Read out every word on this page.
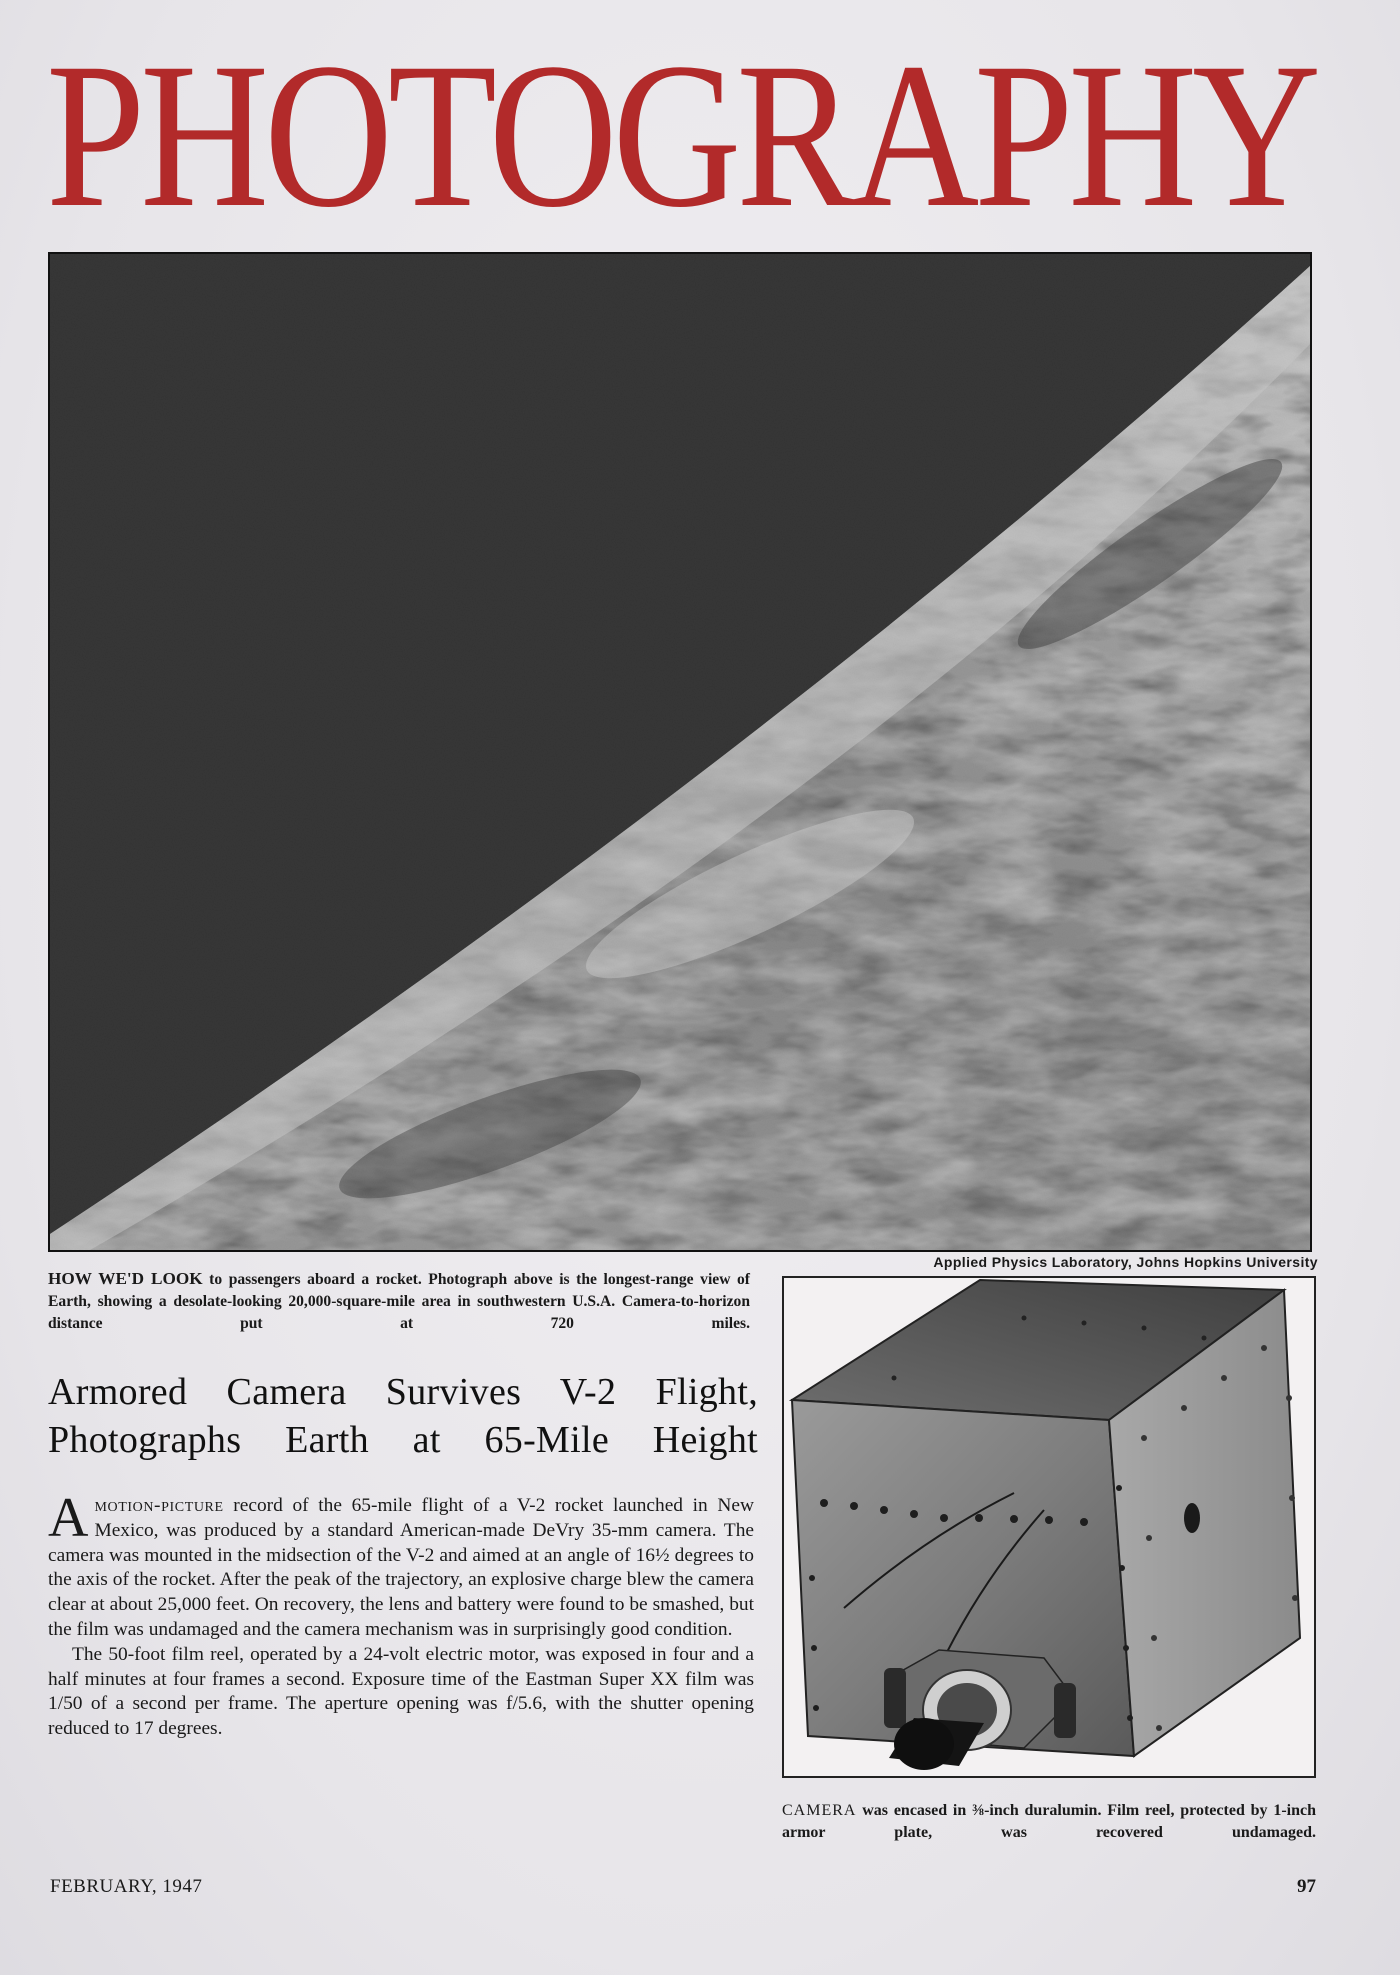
PHOTOGRAPHY
Applied Physics Laboratory, Johns Hopkins University
HOW WE'D LOOK to passengers aboard a rocket. Photograph above is the longest-range view of Earth, showing a desolate-looking 20,000-square-mile area in southwestern U.S.A. Camera-to-horizon distance put at 720 miles.
Armored Camera Survives V-2 Flight,
Photographs Earth at 65-Mile Height

Amotion-picture record of the 65-mile flight of a V-2 rocket launched in New Mexico, was produced by a standard American-made DeVry 35-mm camera. The camera was mounted in the midsection of the V-2 and aimed at an angle of 16½ degrees to the axis of the rocket. After the peak of the trajectory, an explosive charge blew the camera clear at about 25,000 feet. On recovery, the lens and battery were found to be smashed, but the film was undamaged and the camera mechanism was in surprisingly good condition.

The 50-foot film reel, operated by a 24-volt electric motor, was exposed in four and a half minutes at four frames a second. Exposure time of the Eastman Super XX film was 1/50 of a second per frame. The aperture opening was f/5.6, with the shutter opening reduced to 17 degrees.

CAMERA was encased in ⅜-inch duralumin. Film reel, protected by 1-inch armor plate, was recovered undamaged.
FEBRUARY, 1947	97
